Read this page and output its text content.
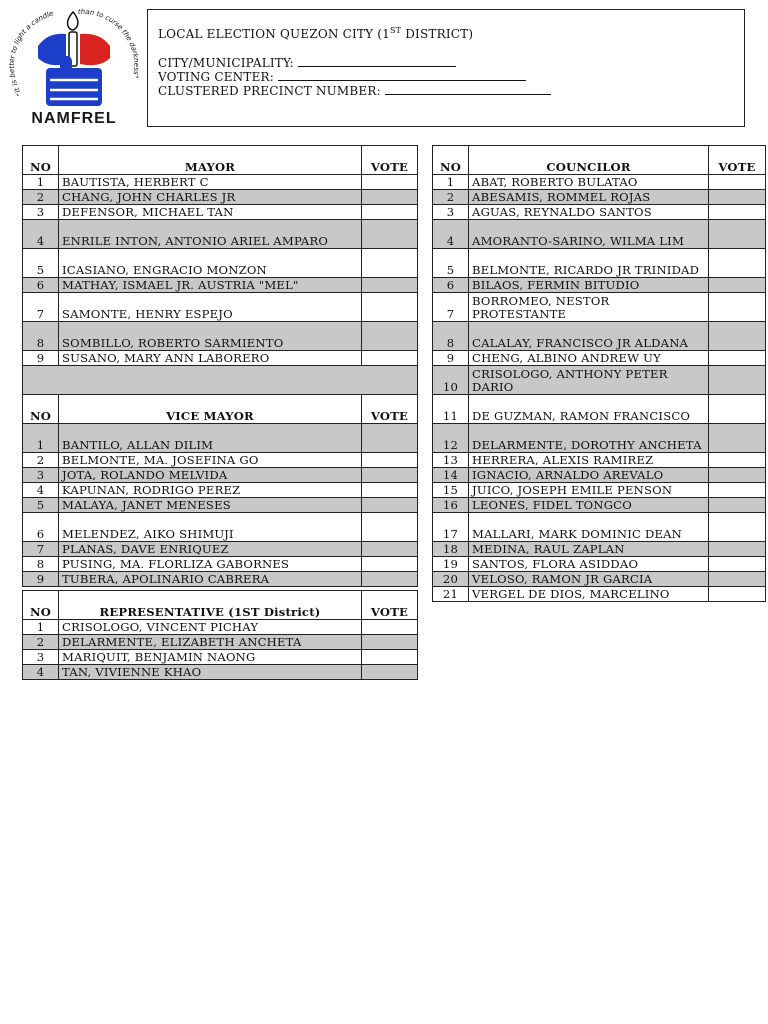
"It is better to light a candle	than to curse the darkness"
NAMFREL
LOCAL ELECTION QUEZON CITY (1ST DISTRICT)
CITY/MUNICIPALITY:
VOTING CENTER:
CLUSTERED PRECINCT NUMBER:
NO	MAYOR	VOTE
1	BAUTISTA, HERBERT C	
2	CHANG, JOHN CHARLES JR	
3	DEFENSOR, MICHAEL TAN	
4	ENRILE INTON, ANTONIO ARIEL AMPARO	
5	ICASIANO, ENGRACIO MONZON	
6	MATHAY, ISMAEL JR. AUSTRIA "MEL"	
7	SAMONTE, HENRY ESPEJO	
8	SOMBILLO, ROBERTO SARMIENTO	
9	SUSANO, MARY ANN LABORERO	

NO	VICE MAYOR	VOTE
1	BANTILO, ALLAN DILIM	
2	BELMONTE, MA. JOSEFINA GO	
3	JOTA, ROLANDO MELVIDA	
4	KAPUNAN, RODRIGO PEREZ	
5	MALAYA, JANET MENESES	
6	MELENDEZ, AIKO SHIMUJI	
7	PLANAS, DAVE ENRIQUEZ	
8	PUSING, MA. FLORLIZA GABORNES	
9	TUBERA, APOLINARIO CABRERA	
NO	REPRESENTATIVE (1ST District)	VOTE
1	CRISOLOGO, VINCENT PICHAY	
2	DELARMENTE, ELIZABETH ANCHETA	
3	MARIQUIT, BENJAMIN NAONG	
4	TAN, VIVIENNE KHAO	
NO	COUNCILOR	VOTE
1	ABAT, ROBERTO BULATAO	
2	ABESAMIS, ROMMEL ROJAS	
3	AGUAS, REYNALDO SANTOS	
4	AMORANTO-SARINO, WILMA LIM	
5	BELMONTE, RICARDO JR TRINIDAD	
6	BILAOS, FERMIN BITUDIO	
7	BORROMEO, NESTOR PROTESTANTE	
8	CALALAY, FRANCISCO JR ALDANA	
9	CHENG, ALBINO ANDREW UY	
10	CRISOLOGO, ANTHONY PETER DARIO	
11	DE GUZMAN, RAMON FRANCISCO	
12	DELARMENTE, DOROTHY ANCHETA	
13	HERRERA, ALEXIS RAMIREZ	
14	IGNACIO, ARNALDO AREVALO	
15	JUICO, JOSEPH EMILE PENSON	
16	LEONES, FIDEL TONGCO	
17	MALLARI, MARK DOMINIC DEAN	
18	MEDINA, RAUL ZAPLAN	
19	SANTOS, FLORA ASIDDAO	
20	VELOSO, RAMON JR GARCIA	
21	VERGEL DE DIOS, MARCELINO	
